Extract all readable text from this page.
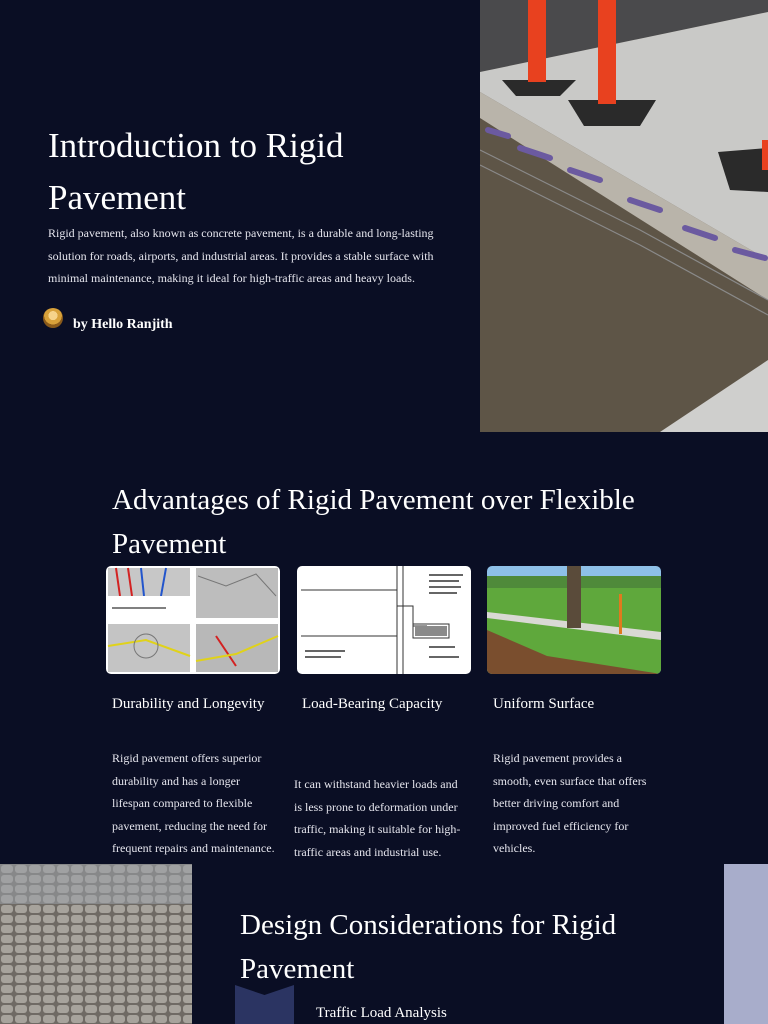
Introduction to Rigid Pavement

Rigid pavement, also known as concrete pavement, is a durable and long-lasting solution for roads, airports, and industrial areas. It provides a stable surface with minimal maintenance, making it ideal for high-traffic areas and heavy loads.

by Hello Ranjith
Advantages of Rigid Pavement over Flexible Pavement
Durability and Longevity	Load-Bearing Capacity	Uniform Surface

Rigid pavement offers superior durability and has a longer lifespan compared to flexible pavement, reducing the need for frequent repairs and maintenance.

It can withstand heavier loads and is less prone to deformation under traffic, making it suitable for high-traffic areas and industrial use.

Rigid pavement provides a smooth, even surface that offers better driving comfort and improved fuel efficiency for vehicles.

Design Considerations for Rigid Pavement
Traffic Load Analysis
